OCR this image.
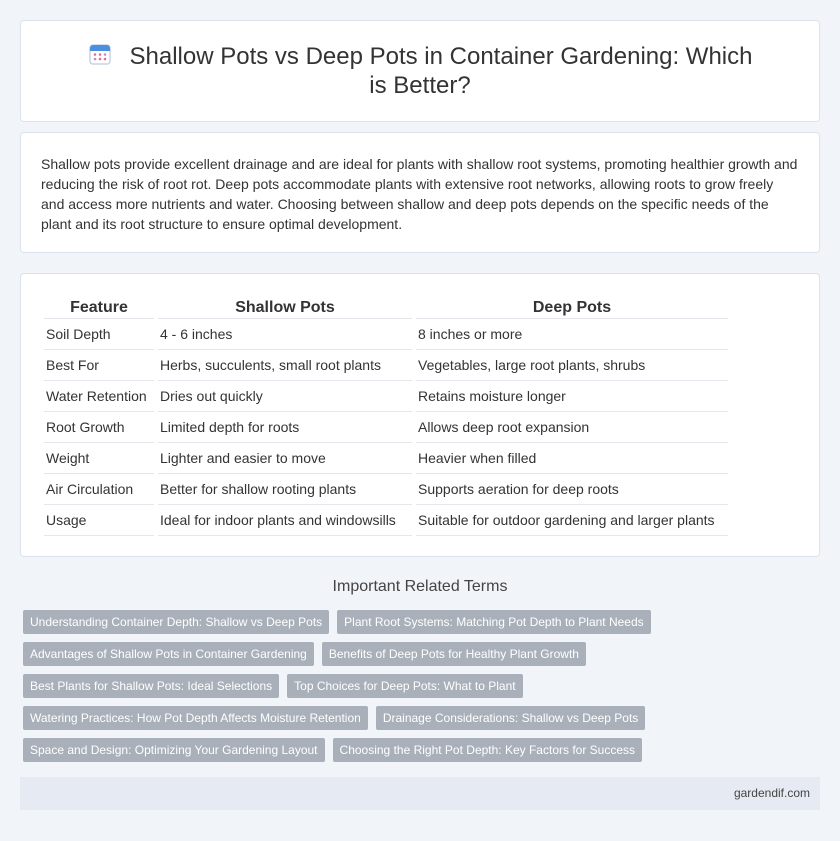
Shallow Pots vs Deep Pots in Container Gardening: Which is Better?

Shallow pots provide excellent drainage and are ideal for plants with shallow root systems, promoting healthier growth and reducing the risk of root rot. Deep pots accommodate plants with extensive root networks, allowing roots to grow freely and access more nutrients and water. Choosing between shallow and deep pots depends on the specific needs of the plant and its root structure to ensure optimal development.

Feature	Shallow Pots	Deep Pots
Soil Depth	4 - 6 inches	8 inches or more
Best For	Herbs, succulents, small root plants	Vegetables, large root plants, shrubs
Water Retention	Dries out quickly	Retains moisture longer
Root Growth	Limited depth for roots	Allows deep root expansion
Weight	Lighter and easier to move	Heavier when filled
Air Circulation	Better for shallow rooting plants	Supports aeration for deep roots
Usage	Ideal for indoor plants and windowsills	Suitable for outdoor gardening and larger plants
Important Related Terms
Understanding Container Depth: Shallow vs Deep Pots	Plant Root Systems: Matching Pot Depth to Plant Needs
Advantages of Shallow Pots in Container Gardening	Benefits of Deep Pots for Healthy Plant Growth
Best Plants for Shallow Pots: Ideal Selections	Top Choices for Deep Pots: What to Plant
Watering Practices: How Pot Depth Affects Moisture Retention	Drainage Considerations: Shallow vs Deep Pots
Space and Design: Optimizing Your Gardening Layout	Choosing the Right Pot Depth: Key Factors for Success
gardendif.com
